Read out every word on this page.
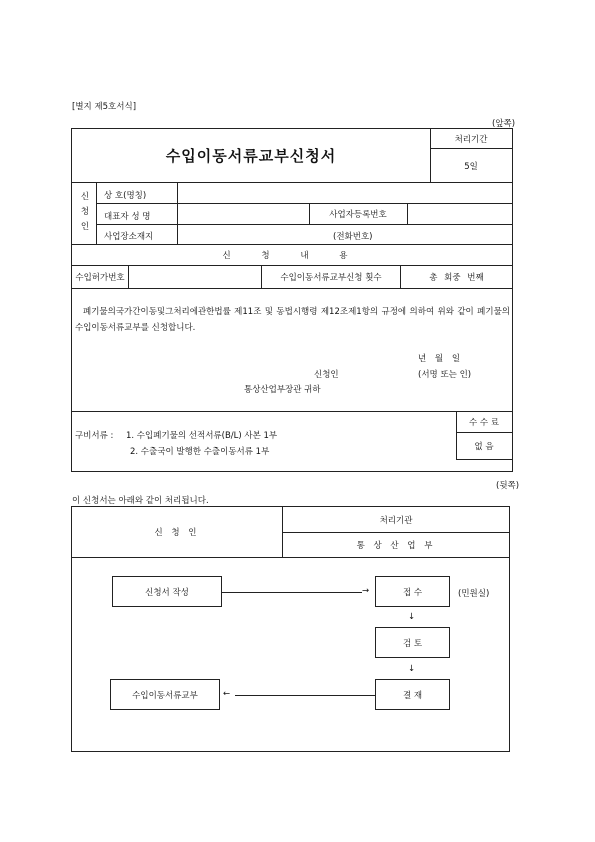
[별지 제5호서식]
(앞쪽)
수입이동서류교부신청서
처리기간
5일
신
청
인
상 호(명칭)
대표자 성 명	사업자등록번호
사업장소재지	(전화번호)
신 청 내 용
수입허가번호	수입이동서류교부신청 횟수	총 회중 번째
폐기물의국가간이동및그처리에관한법률 제11조 및 동법시행령 제12조제1항의 규정에 의하여 위와 같이 폐기물의 수입이동서류교부를 신청합니다.
년 월 일
신청인	(서명 또는 인)
통상산업부장관 귀하
구비서류 : 1. 수입폐기물의 선적서류(B/L) 사본 1부
2. 수출국이 발행한 수출이동서류 1부
수 수 료
없 음
(뒷쪽)
이 신청서는 아래와 같이 처리됩니다.
신 청 인
처리기관
통 상 산 업 부
신청서 작성	접 수	(민원실)
검 토
결 재
수입이동서류교부
→
↓
↓
←
